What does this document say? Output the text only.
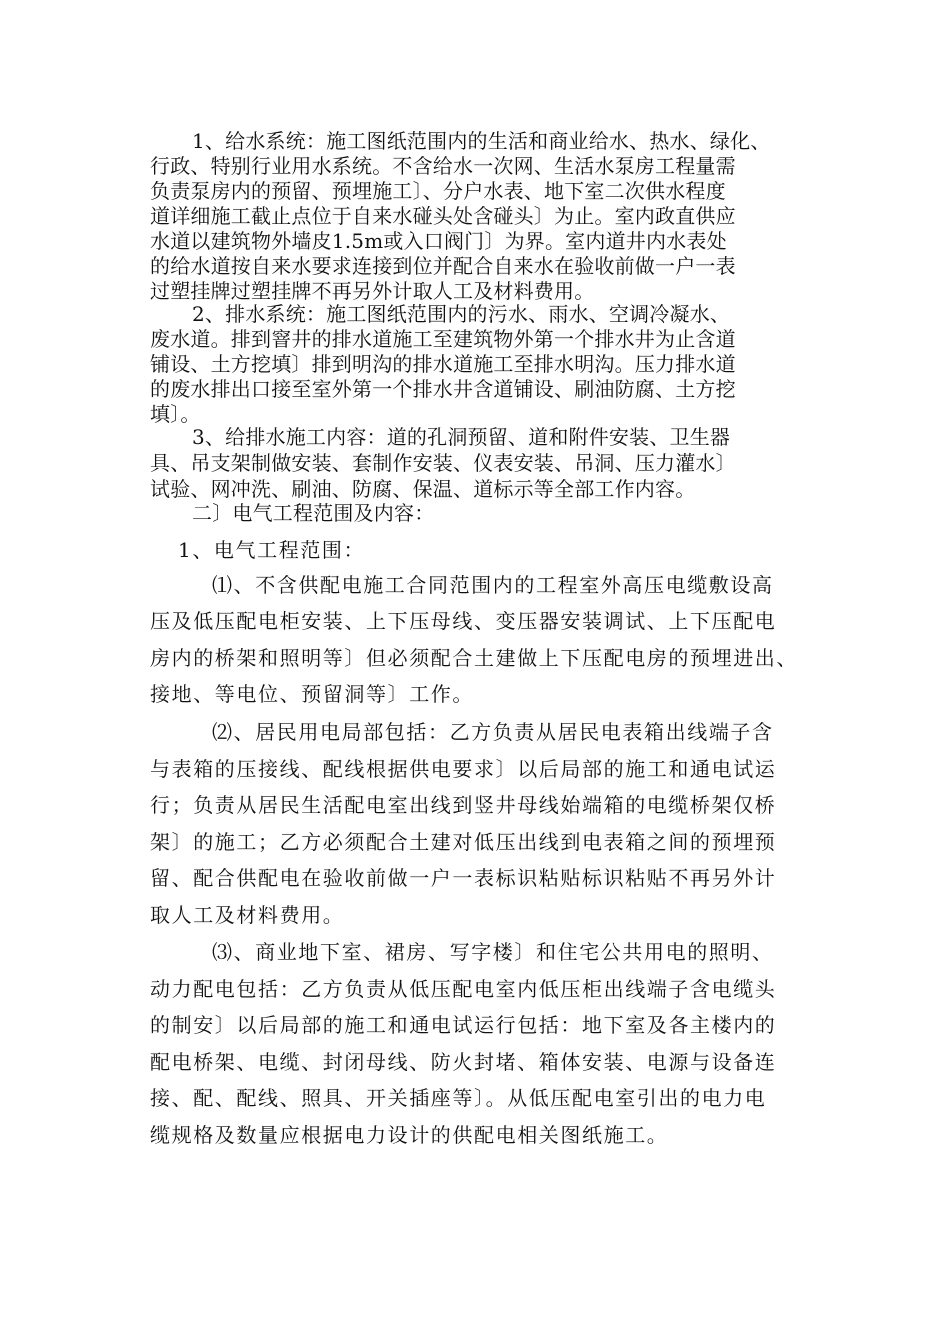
1、给水系统：施工图纸范围内的生活和商业给水、热水、绿化、
行政、特别行业用水系统。不含给水一次网、生活水泵房工程量需
负责泵房内的预留、预埋施工〕、分户水表、地下室二次供水程度
道详细施工截止点位于自来水碰头处含碰头〕为止。室内政直供应
水道以建筑物外墙皮1.5m或入口阀门〕为界。室内道井内水表处
的给水道按自来水要求连接到位并配合自来水在验收前做一户一表
过塑挂牌过塑挂牌不再另外计取人工及材料费用。
2、排水系统：施工图纸范围内的污水、雨水、空调冷凝水、
废水道。排到窨井的排水道施工至建筑物外第一个排水井为止含道
铺设、土方挖填〕排到明沟的排水道施工至排水明沟。压力排水道
的废水排出口接至室外第一个排水井含道铺设、刷油防腐、土方挖
填〕。
3、给排水施工内容：道的孔洞预留、道和附件安装、卫生器
具、吊支架制做安装、套制作安装、仪表安装、吊洞、压力灌水〕
试验、网冲洗、刷油、防腐、保温、道标示等全部工作内容。
二〕电气工程范围及内容：
1、电气工程范围：
⑴、不含供配电施工合同范围内的工程室外高压电缆敷设高
压及低压配电柜安装、上下压母线、变压器安装调试、上下压配电
房内的桥架和照明等〕但必须配合土建做上下压配电房的预埋进出、
接地、等电位、预留洞等〕工作。
⑵、居民用电局部包括：乙方负责从居民电表箱出线端子含
与表箱的压接线、配线根据供电要求〕以后局部的施工和通电试运
行；负责从居民生活配电室出线到竖井母线始端箱的电缆桥架仅桥
架〕的施工；乙方必须配合土建对低压出线到电表箱之间的预埋预
留、配合供配电在验收前做一户一表标识粘贴标识粘贴不再另外计
取人工及材料费用。
⑶、商业地下室、裙房、写字楼〕和住宅公共用电的照明、
动力配电包括：乙方负责从低压配电室内低压柜出线端子含电缆头
的制安〕以后局部的施工和通电试运行包括：地下室及各主楼内的
配电桥架、电缆、封闭母线、防火封堵、箱体安装、电源与设备连
接、配、配线、照具、开关插座等〕。从低压配电室引出的电力电
缆规格及数量应根据电力设计的供配电相关图纸施工。
